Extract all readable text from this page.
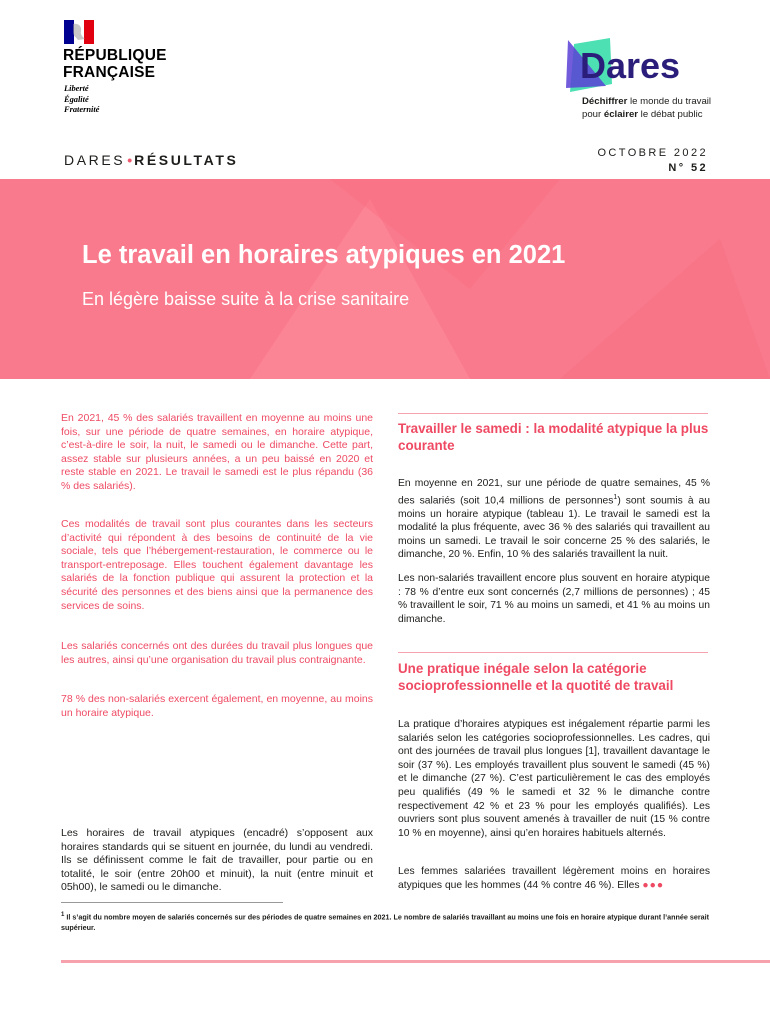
RÉPUBLIQUE
FRANÇAISE
Liberté
Égalité
Fraternité
Dares
Déchiffrer le monde du travail
pour éclairer le débat public
DARES • RÉSULTATS	OCTOBRE 2022
N° 52
Le travail en horaires atypiques en 2021
En légère baisse suite à la crise sanitaire

En 2021, 45 % des salariés travaillent en moyenne au moins une fois, sur une période de quatre semaines, en horaire atypique, c’est-à-dire le soir, la nuit, le samedi ou le dimanche. Cette part, assez stable sur plusieurs années, a un peu baissé en 2020 et reste stable en 2021. Le travail le samedi est le plus répandu (36 % des salariés).

Ces modalités de travail sont plus courantes dans les secteurs d’activité qui répondent à des besoins de continuité de la vie sociale, tels que l’hébergement-restauration, le commerce ou le transport-entreposage. Elles touchent également davantage les salariés de la fonction publique qui assurent la protection et la sécurité des personnes et des biens ainsi que la permanence des services de soins.

Les salariés concernés ont des durées du travail plus longues que les autres, ainsi qu’une organisation du travail plus contraignante.

78 % des non-salariés exercent également, en moyenne, au moins un horaire atypique.

Les horaires de travail atypiques (encadré) s’opposent aux horaires standards qui se situent en journée, du lundi au vendredi. Ils se définissent comme le fait de travailler, pour partie ou en totalité, le soir (entre 20h00 et minuit), la nuit (entre minuit et 05h00), le samedi ou le dimanche.

Travailler le samedi : la modalité atypique la plus courante

En moyenne en 2021, sur une période de quatre semaines, 45 % des salariés (soit 10,4 millions de personnes$^1$) sont soumis à au moins un horaire atypique (tableau 1). Le travail le samedi est la modalité la plus fréquente, avec 36 % des salariés qui travaillent au moins un samedi. Le travail le soir concerne 25 % des salariés, le dimanche, 20 %. Enfin, 10 % des salariés travaillent la nuit.

Les non-salariés travaillent encore plus souvent en horaire atypique : 78 % d’entre eux sont concernés (2,7 millions de personnes) ; 45 % travaillent le soir, 71 % au moins un samedi, et 41 % au moins un dimanche.

Une pratique inégale selon la catégorie socioprofessionnelle et la quotité de travail

La pratique d’horaires atypiques est inégalement répartie parmi les salariés selon les catégories socioprofessionnelles. Les cadres, qui ont des journées de travail plus longues [1], travaillent davantage le soir (37 %). Les employés travaillent plus souvent le samedi (45 %) et le dimanche (27 %). C’est particulièrement le cas des employés peu qualifiés (49 % le samedi et 32 % le dimanche contre respectivement 42 % et 23 % pour les employés qualifiés). Les ouvriers sont plus souvent amenés à travailler de nuit (15 % contre 10 % en moyenne), ainsi qu’en horaires habituels alternés.

Les femmes salariées travaillent légèrement moins en horaires atypiques que les hommes (44 % contre 46 %). Elles ●●●

$^1$ Il s’agit du nombre moyen de salariés concernés sur des périodes de quatre semaines en 2021. Le nombre de salariés travaillant au moins une fois en horaire atypique durant l’année serait supérieur.
